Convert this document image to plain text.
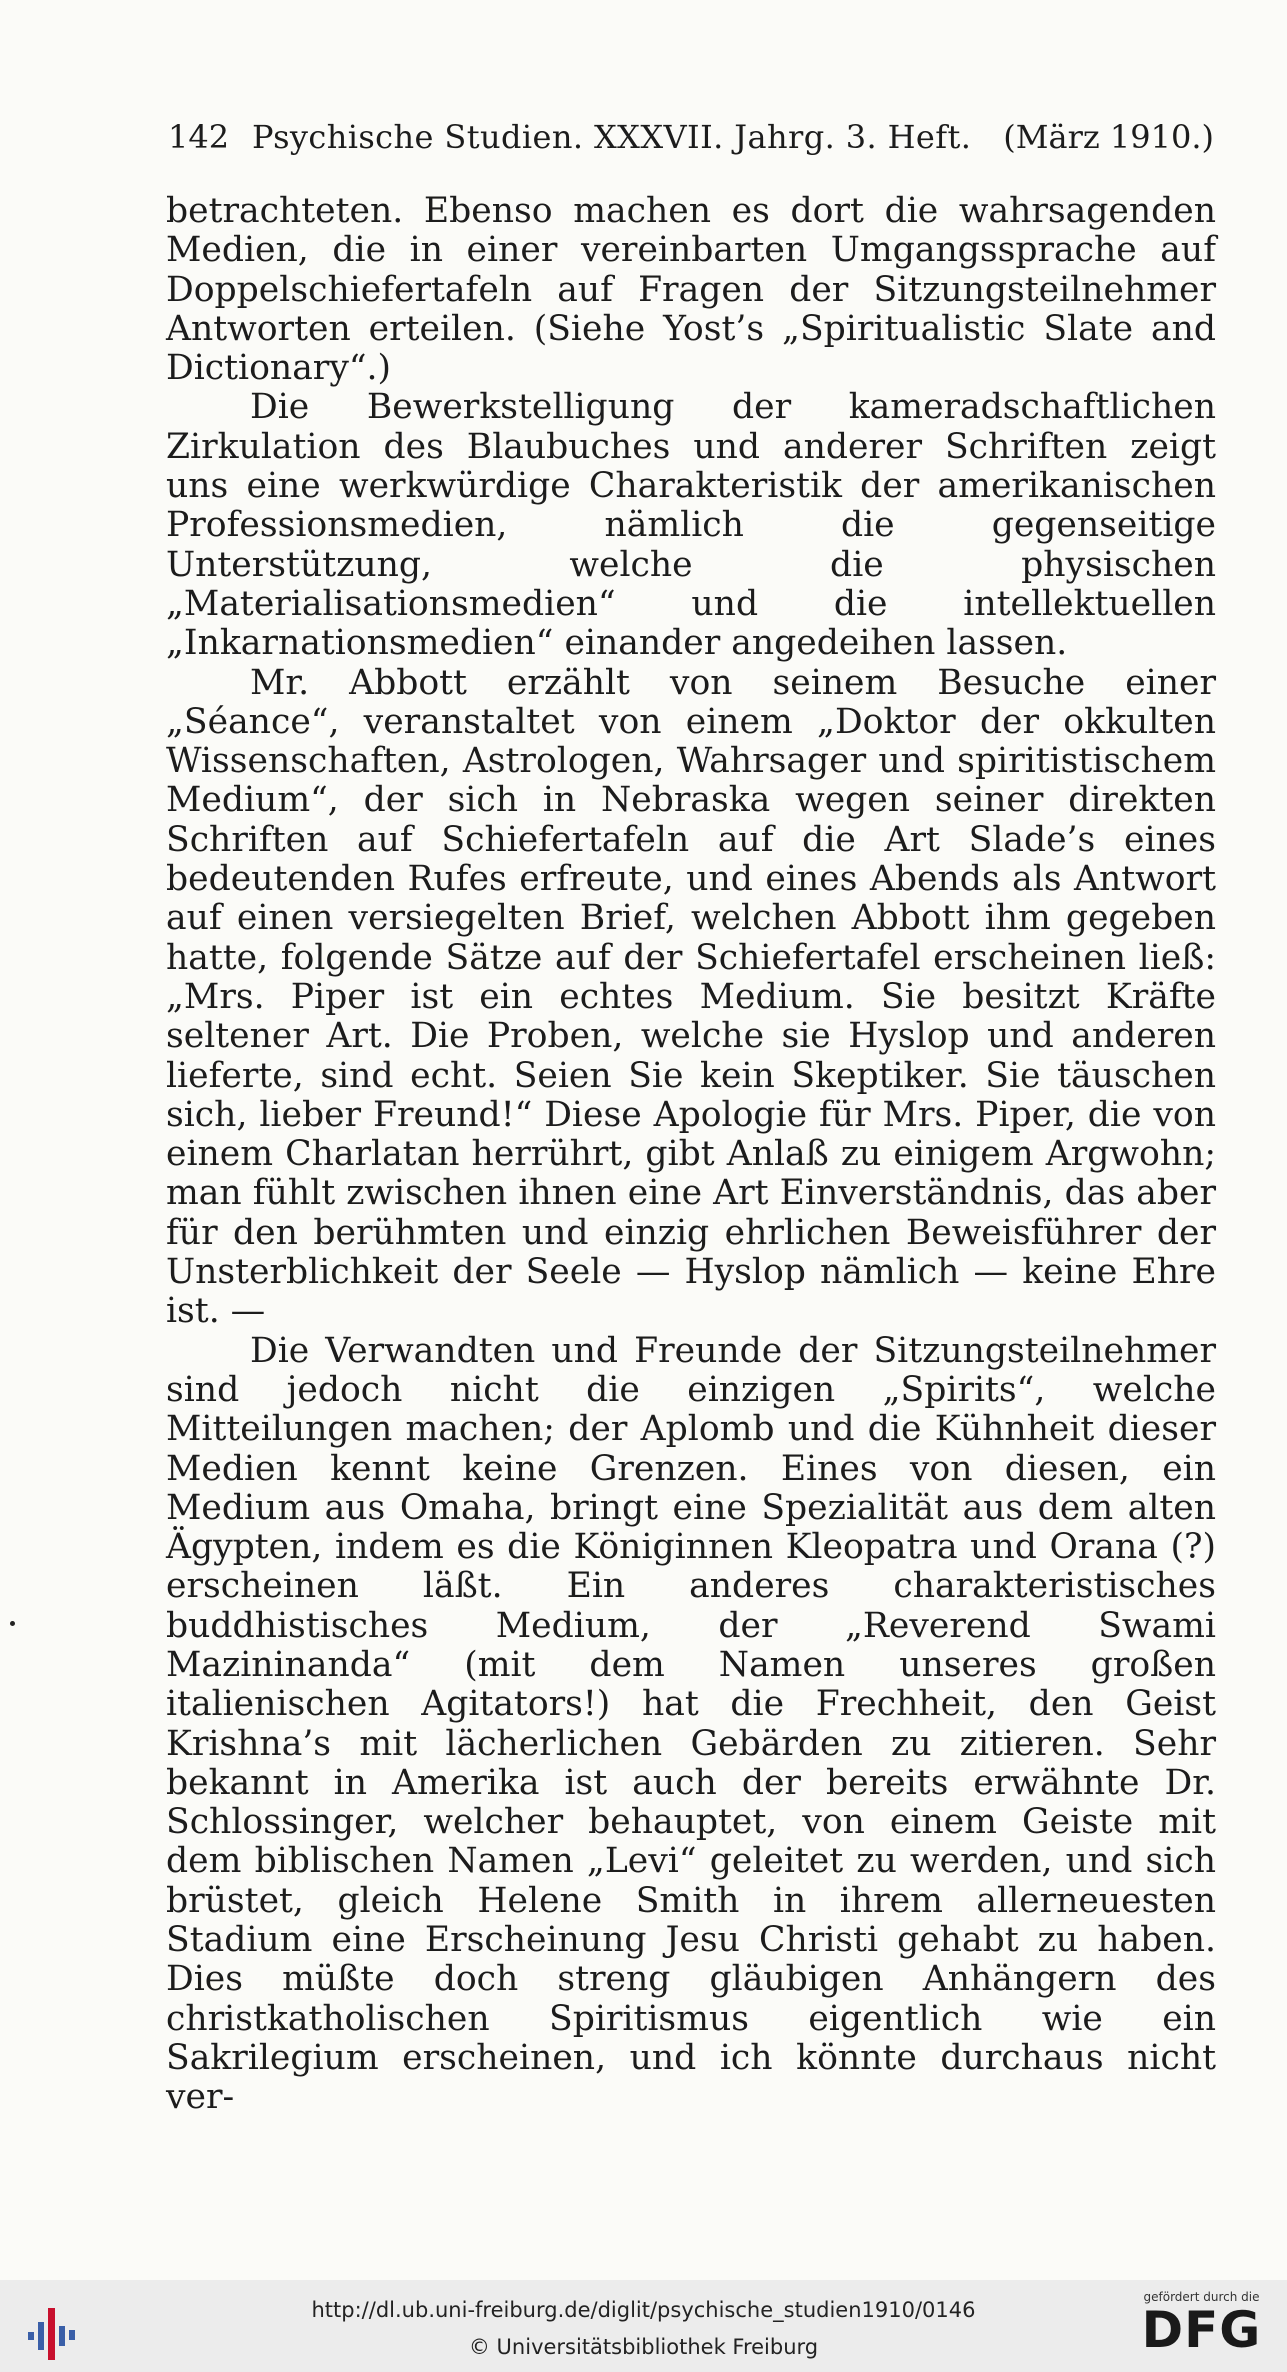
142 Psychische Studien. XXXVII. Jahrg. 3. Heft. (März 1910.)

betrachteten. Ebenso machen es dort die wahrsagenden Medien, die in einer vereinbarten Umgangssprache auf Doppelschiefertafeln auf Fragen der Sitzungsteilnehmer Antworten erteilen. (Siehe Yost’s „Spiritualistic Slate and Dictionary“.)

Die Bewerkstelligung der kameradschaftlichen Zirkulation des Blaubuches und anderer Schriften zeigt uns eine werkwürdige Charakteristik der amerikanischen Professionsmedien, nämlich die gegenseitige Unterstützung, welche die physischen „Materialisationsmedien“ und die intellektuellen „Inkarnationsmedien“ einander angedeihen lassen.

Mr. Abbott erzählt von seinem Besuche einer „Séance“, veranstaltet von einem „Doktor der okkulten Wissenschaften, Astrologen, Wahrsager und spiritistischem Medium“, der sich in Nebraska wegen seiner direkten Schriften auf Schiefertafeln auf die Art Slade’s eines bedeutenden Rufes erfreute, und eines Abends als Antwort auf einen versiegelten Brief, welchen Abbott ihm gegeben hatte, folgende Sätze auf der Schiefertafel erscheinen ließ: „Mrs. Piper ist ein echtes Medium. Sie besitzt Kräfte seltener Art. Die Proben, welche sie Hyslop und anderen lieferte, sind echt. Seien Sie kein Skeptiker. Sie täuschen sich, lieber Freund!“ Diese Apologie für Mrs. Piper, die von einem Charlatan herrührt, gibt Anlaß zu einigem Argwohn; man fühlt zwischen ihnen eine Art Einverständnis, das aber für den berühmten und einzig ehrlichen Beweisführer der Unsterblichkeit der Seele — Hyslop nämlich — keine Ehre ist. —

Die Verwandten und Freunde der Sitzungsteilnehmer sind jedoch nicht die einzigen „Spirits“, welche Mitteilungen machen; der Aplomb und die Kühnheit dieser Medien kennt keine Grenzen. Eines von diesen, ein Medium aus Omaha, bringt eine Spezialität aus dem alten Ägypten, indem es die Königinnen Kleopatra und Orana (?) erscheinen läßt. Ein anderes charakteristisches buddhistisches Medium, der „Reverend Swami Mazininanda“ (mit dem Namen unseres großen italienischen Agitators!) hat die Frechheit, den Geist Krishna’s mit lächerlichen Gebärden zu zitieren. Sehr bekannt in Amerika ist auch der bereits erwähnte Dr. Schlossinger, welcher behauptet, von einem Geiste mit dem biblischen Namen „Levi“ geleitet zu werden, und sich brüstet, gleich Helene Smith in ihrem allerneuesten Stadium eine Erscheinung Jesu Christi gehabt zu haben. Dies müßte doch streng gläubigen Anhängern des christkatholischen Spiritismus eigentlich wie ein Sakrilegium erscheinen, und ich könnte durchaus nicht ver-

http://dl.ub.uni-freiburg.de/diglit/psychische_studien1910/0146
© Universitätsbibliothek Freiburg
gefördert durch die
DFG
